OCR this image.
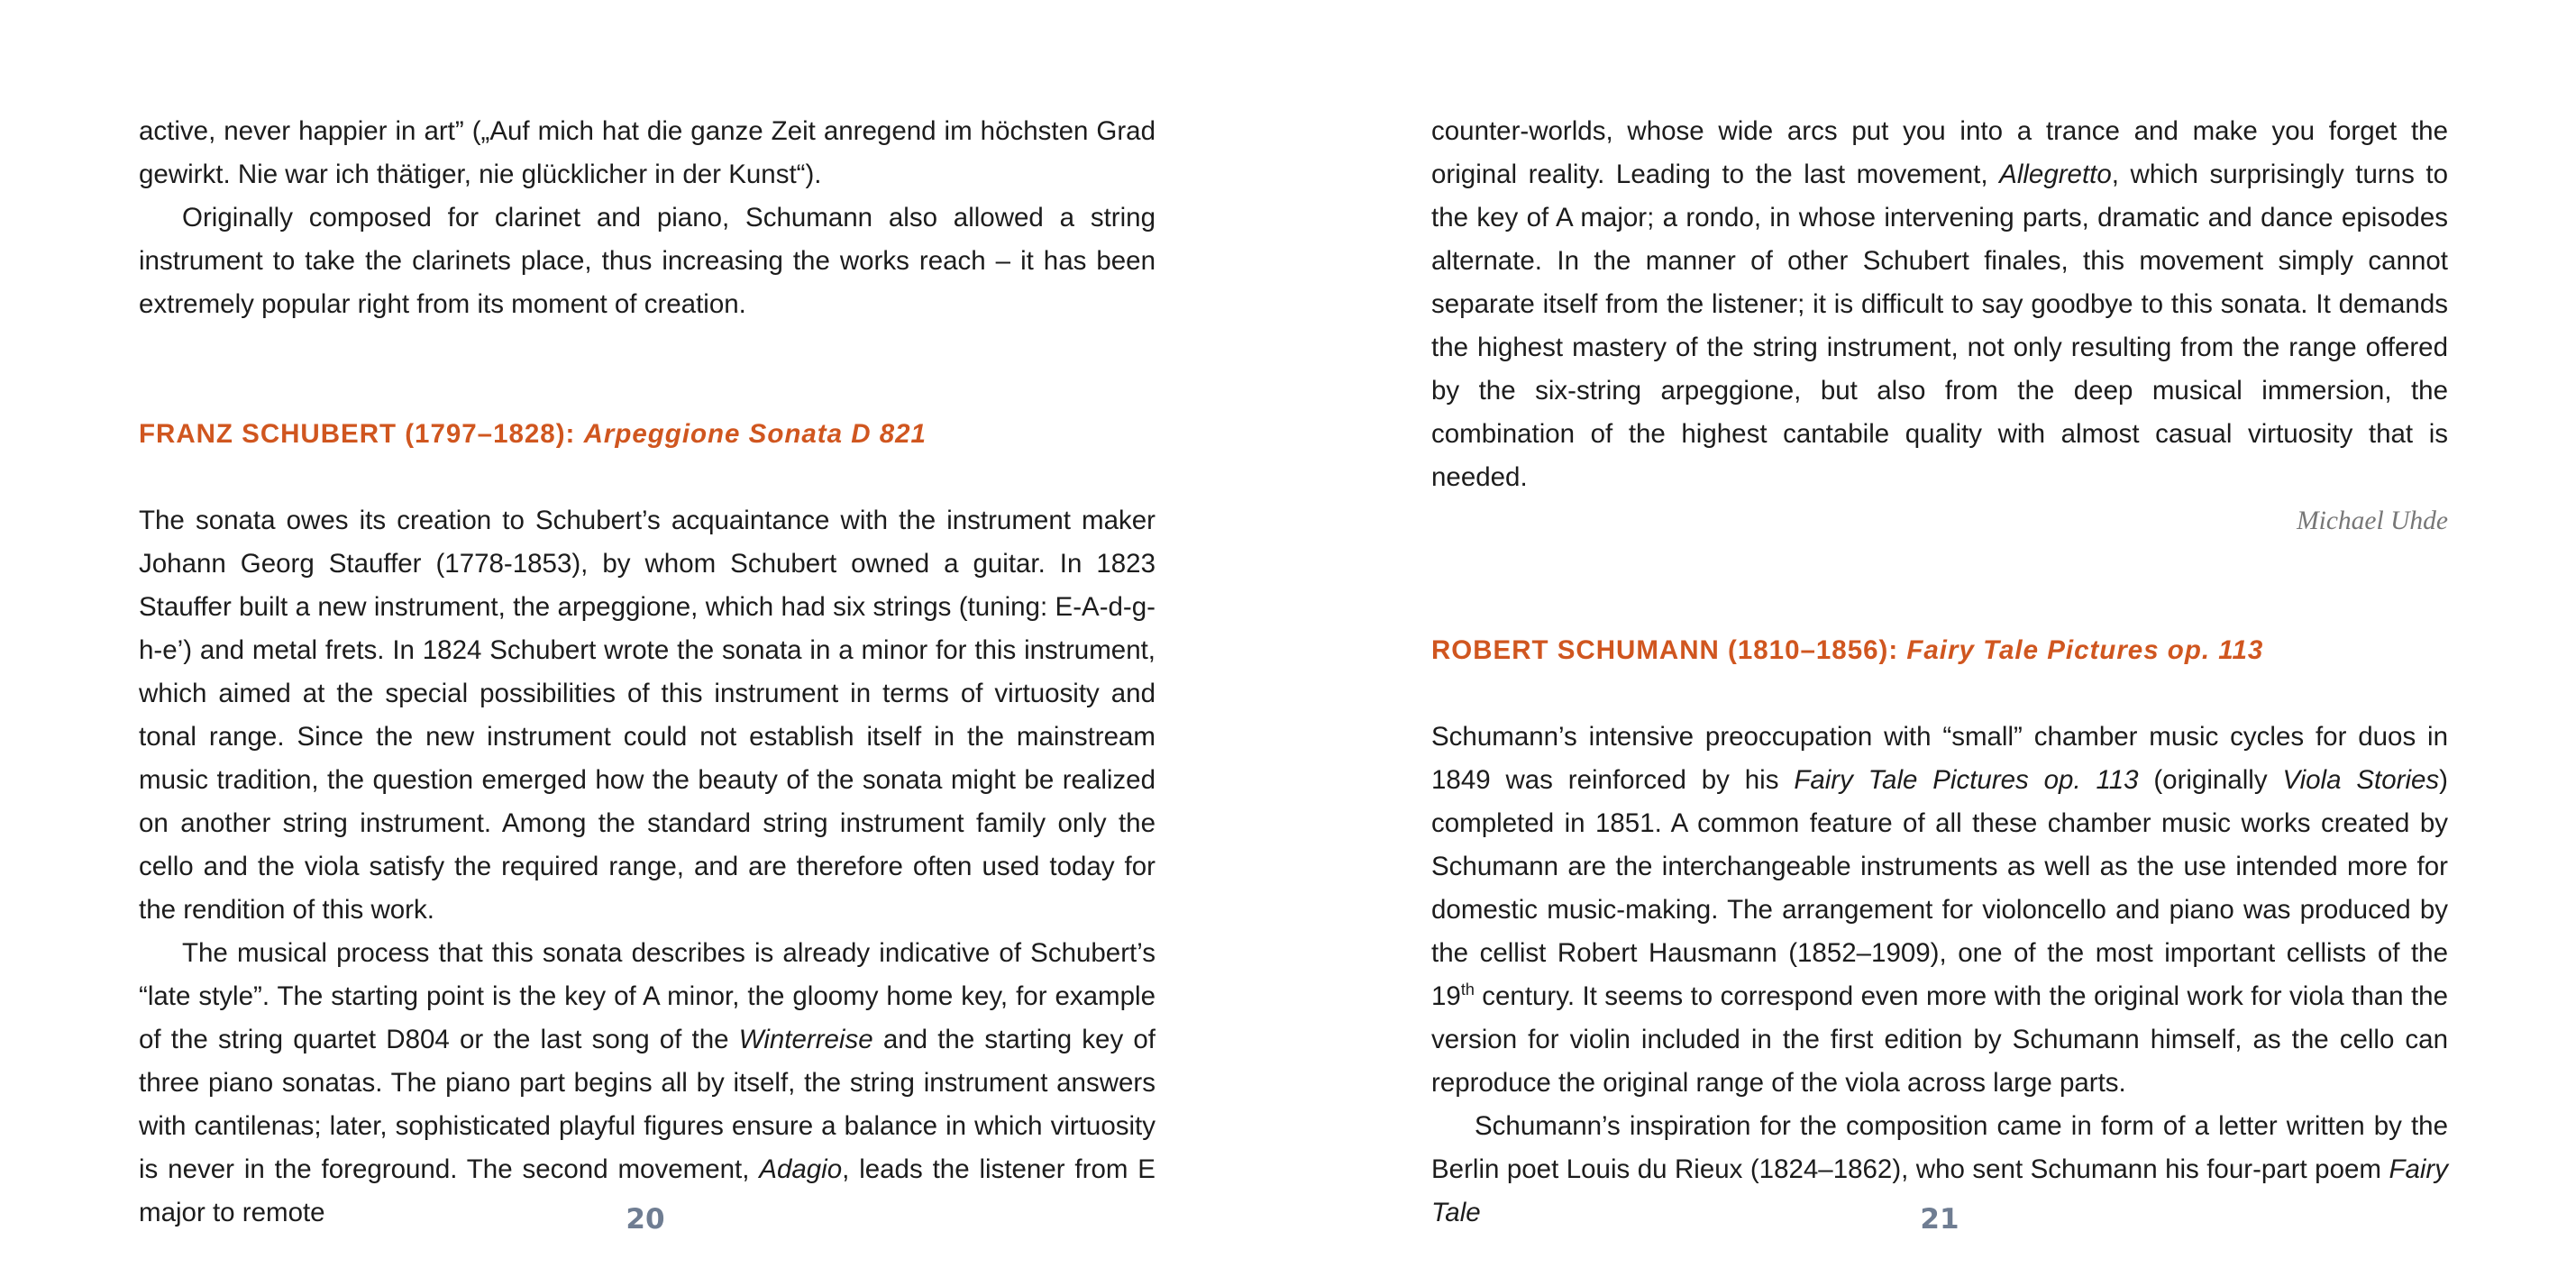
active, never happier in art” („Auf mich hat die ganze Zeit anregend im höchsten Grad gewirkt. Nie war ich thätiger, nie glücklicher in der Kunst“).

Originally composed for clarinet and piano, Schumann also allowed a string instrument to take the clarinets place, thus increasing the works reach – it has been extremely popular right from its moment of creation.

FRANZ SCHUBERT (1797–1828): Arpeggione Sonata D 821

The sonata owes its creation to Schubert’s acquaintance with the instrument maker Johann Georg Stauffer (1778-1853), by whom Schubert owned a guitar. In 1823 Stauffer built a new instrument, the arpeggione, which had six strings (tuning: E-A-d-g-h-e’) and metal frets. In 1824 Schubert wrote the sonata in a minor for this instrument, which aimed at the special possibilities of this instrument in terms of virtuosity and tonal range. Since the new instrument could not establish itself in the mainstream music tradition, the question emerged how the beauty of the sonata might be realized on another string instrument. Among the standard string instrument family only the cello and the viola satisfy the required range, and are therefore often used today for the rendition of this work.

The musical process that this sonata describes is already indicative of Schubert’s “late style”. The starting point is the key of A minor, the gloomy home key, for example of the string quartet D804 or the last song of the Winterreise and the starting key of three piano sonatas. The piano part begins all by itself, the string instrument answers with cantilenas; later, sophisticated playful figures ensure a balance in which virtuosity is never in the foreground. The second movement, Adagio, leads the listener from E major to remote

counter-worlds, whose wide arcs put you into a trance and make you forget the original reality. Leading to the last movement, Allegretto, which surprisingly turns to the key of A major; a rondo, in whose intervening parts, dramatic and dance episodes alternate. In the manner of other Schubert finales, this movement simply cannot separate itself from the listener; it is difficult to say goodbye to this sonata. It demands the highest mastery of the string instrument, not only resulting from the range offered by the six-string arpeggione, but also from the deep musical immersion, the combination of the highest cantabile quality with almost casual virtuosity that is needed.

Michael Uhde
ROBERT SCHUMANN (1810–1856): Fairy Tale Pictures op. 113

Schumann’s intensive preoccupation with “small” chamber music cycles for duos in 1849 was reinforced by his Fairy Tale Pictures op. 113 (originally Viola Stories) completed in 1851. A common feature of all these chamber music works created by Schumann are the interchangeable instruments as well as the use intended more for domestic music-making. The arrangement for violoncello and piano was produced by the cellist Robert Hausmann (1852–1909), one of the most important cellists of the 19th century. It seems to correspond even more with the original work for viola than the version for violin included in the first edition by Schumann himself, as the cello can reproduce the original range of the viola across large parts.

Schumann’s inspiration for the composition came in form of a letter written by the Berlin poet Louis du Rieux (1824–1862), who sent Schumann his four-part poem Fairy Tale

20	21
